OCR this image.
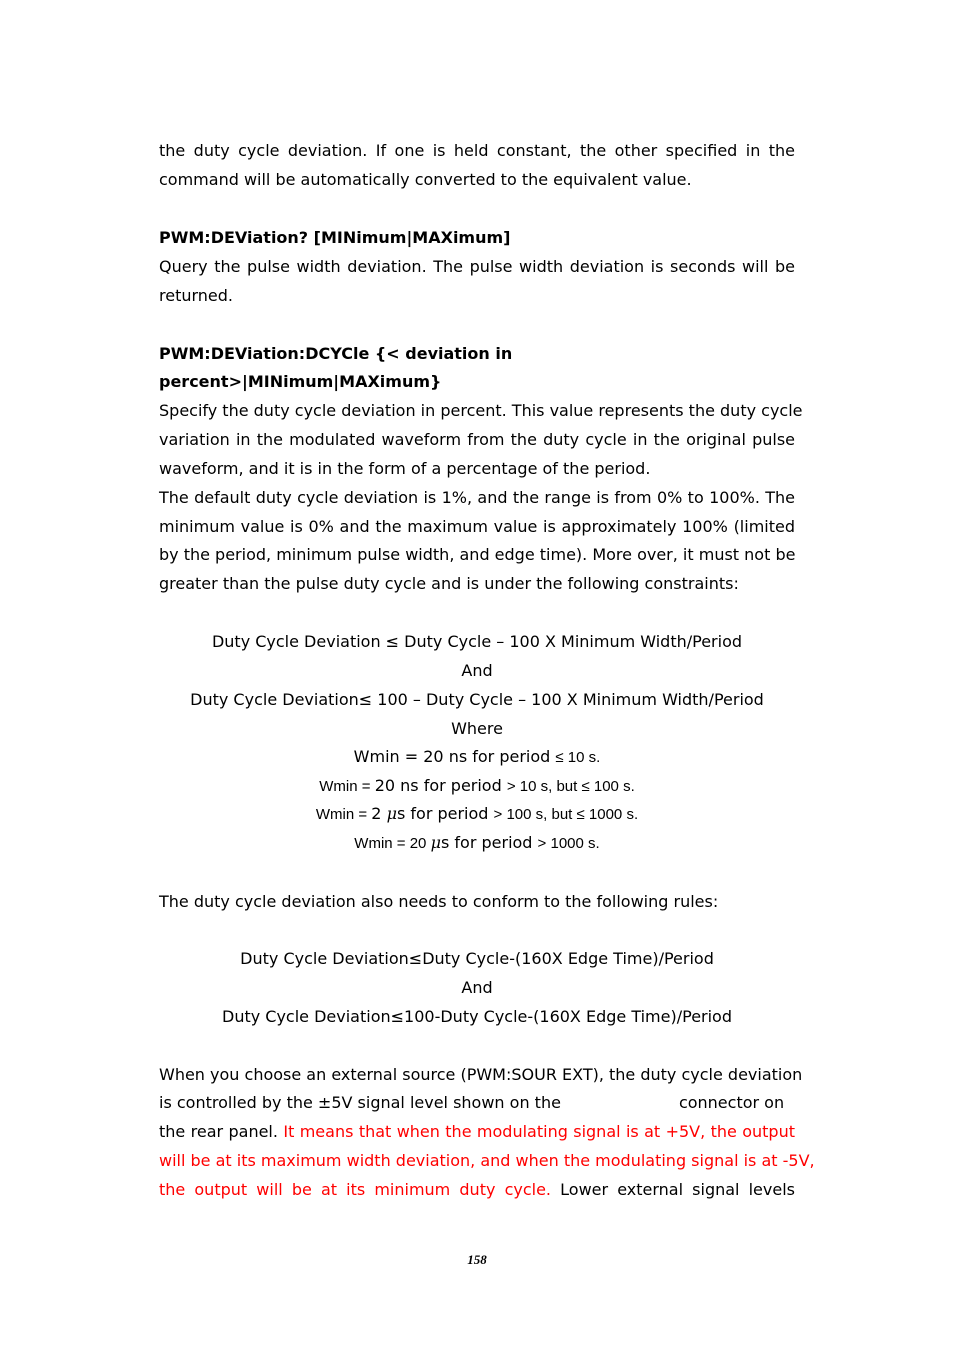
the duty cycle deviation. If one is held constant, the other specified in the
command will be automatically converted to the equivalent value.
PWM:DEViation? [MINimum|MAXimum]
Query the pulse width deviation. The pulse width deviation is seconds will be
returned.
PWM:DEViation:DCYCle {< deviation in
percent>|MINimum|MAXimum}
Specify the duty cycle deviation in percent. This value represents the duty cycle
variation in the modulated waveform from the duty cycle in the original pulse
waveform, and it is in the form of a percentage of the period.
The default duty cycle deviation is 1%, and the range is from 0% to 100%. The
minimum value is 0% and the maximum value is approximately 100% (limited
by the period, minimum pulse width, and edge time). More over, it must not be
greater than the pulse duty cycle and is under the following constraints:
Duty Cycle Deviation ≤ Duty Cycle – 100 X Minimum Width/Period
And
Duty Cycle Deviation≤ 100 – Duty Cycle – 100 X Minimum Width/Period
Where
Wmin = 20 ns for period ≤ 10 s.
Wmin = 20 ns for period > 10 s, but ≤ 100 s.
Wmin = 2 μs for period > 100 s, but ≤ 1000 s.
Wmin = 20 μs for period > 1000 s.
The duty cycle deviation also needs to conform to the following rules:
Duty Cycle Deviation≤Duty Cycle-(160X Edge Time)/Period
And
Duty Cycle Deviation≤100-Duty Cycle-(160X Edge Time)/Period
When you choose an external source (PWM:SOUR EXT), the duty cycle deviation
is controlled by the ±5V signal level shown on the	connector on
the rear panel. It means that when the modulating signal is at +5V, the output
will be at its maximum width deviation, and when the modulating signal is at -5V,
the output will be at its minimum duty cycle. Lower external signal levels
158
